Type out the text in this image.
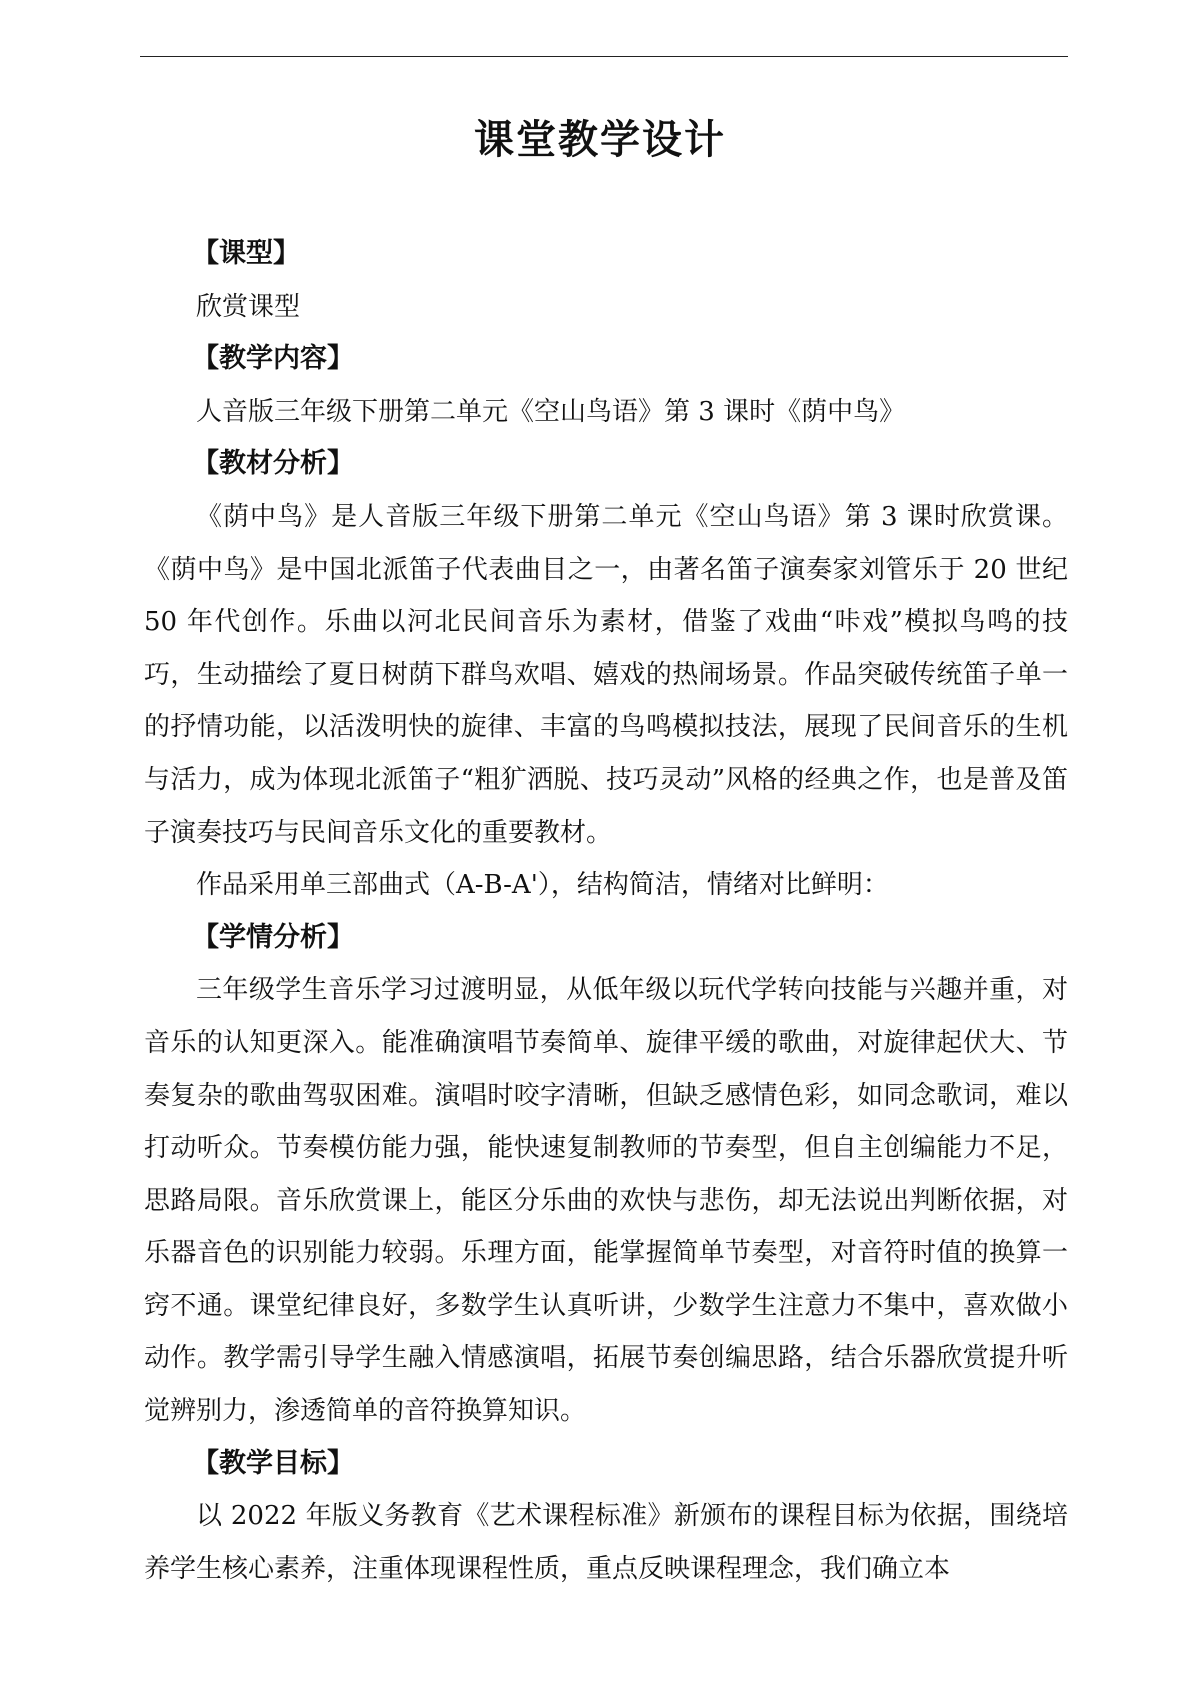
课堂教学设计
【课型】

欣赏课型

【教学内容】

人音版三年级下册第二单元《空山鸟语》第 3 课时《荫中鸟》

【教材分析】

《荫中鸟》是人音版三年级下册第二单元《空山鸟语》第 3 课时欣赏课。《荫中鸟》是中国北派笛子代表曲目之一，由著名笛子演奏家刘管乐于 20 世纪 50 年代创作。乐曲以河北民间音乐为素材，借鉴了戏曲“咔戏”模拟鸟鸣的技巧，生动描绘了夏日树荫下群鸟欢唱、嬉戏的热闹场景。作品突破传统笛子单一的抒情功能，以活泼明快的旋律、丰富的鸟鸣模拟技法，展现了民间音乐的生机与活力，成为体现北派笛子“粗犷洒脱、技巧灵动”风格的经典之作，也是普及笛子演奏技巧与民间音乐文化的重要教材。

作品采用单三部曲式（A-B-A'），结构简洁，情绪对比鲜明：

【学情分析】

三年级学生音乐学习过渡明显，从低年级以玩代学转向技能与兴趣并重，对音乐的认知更深入。能准确演唱节奏简单、旋律平缓的歌曲，对旋律起伏大、节奏复杂的歌曲驾驭困难。演唱时咬字清晰，但缺乏感情色彩，如同念歌词，难以打动听众。节奏模仿能力强，能快速复制教师的节奏型，但自主创编能力不足，思路局限。音乐欣赏课上，能区分乐曲的欢快与悲伤，却无法说出判断依据，对乐器音色的识别能力较弱。乐理方面，能掌握简单节奏型，对音符时值的换算一窍不通。课堂纪律良好，多数学生认真听讲，少数学生注意力不集中，喜欢做小动作。教学需引导学生融入情感演唱，拓展节奏创编思路，结合乐器欣赏提升听觉辨别力，渗透简单的音符换算知识。

【教学目标】

以 2022 年版义务教育《艺术课程标准》新颁布的课程目标为依据，围绕培养学生核心素养，注重体现课程性质，重点反映课程理念，我们确立本
